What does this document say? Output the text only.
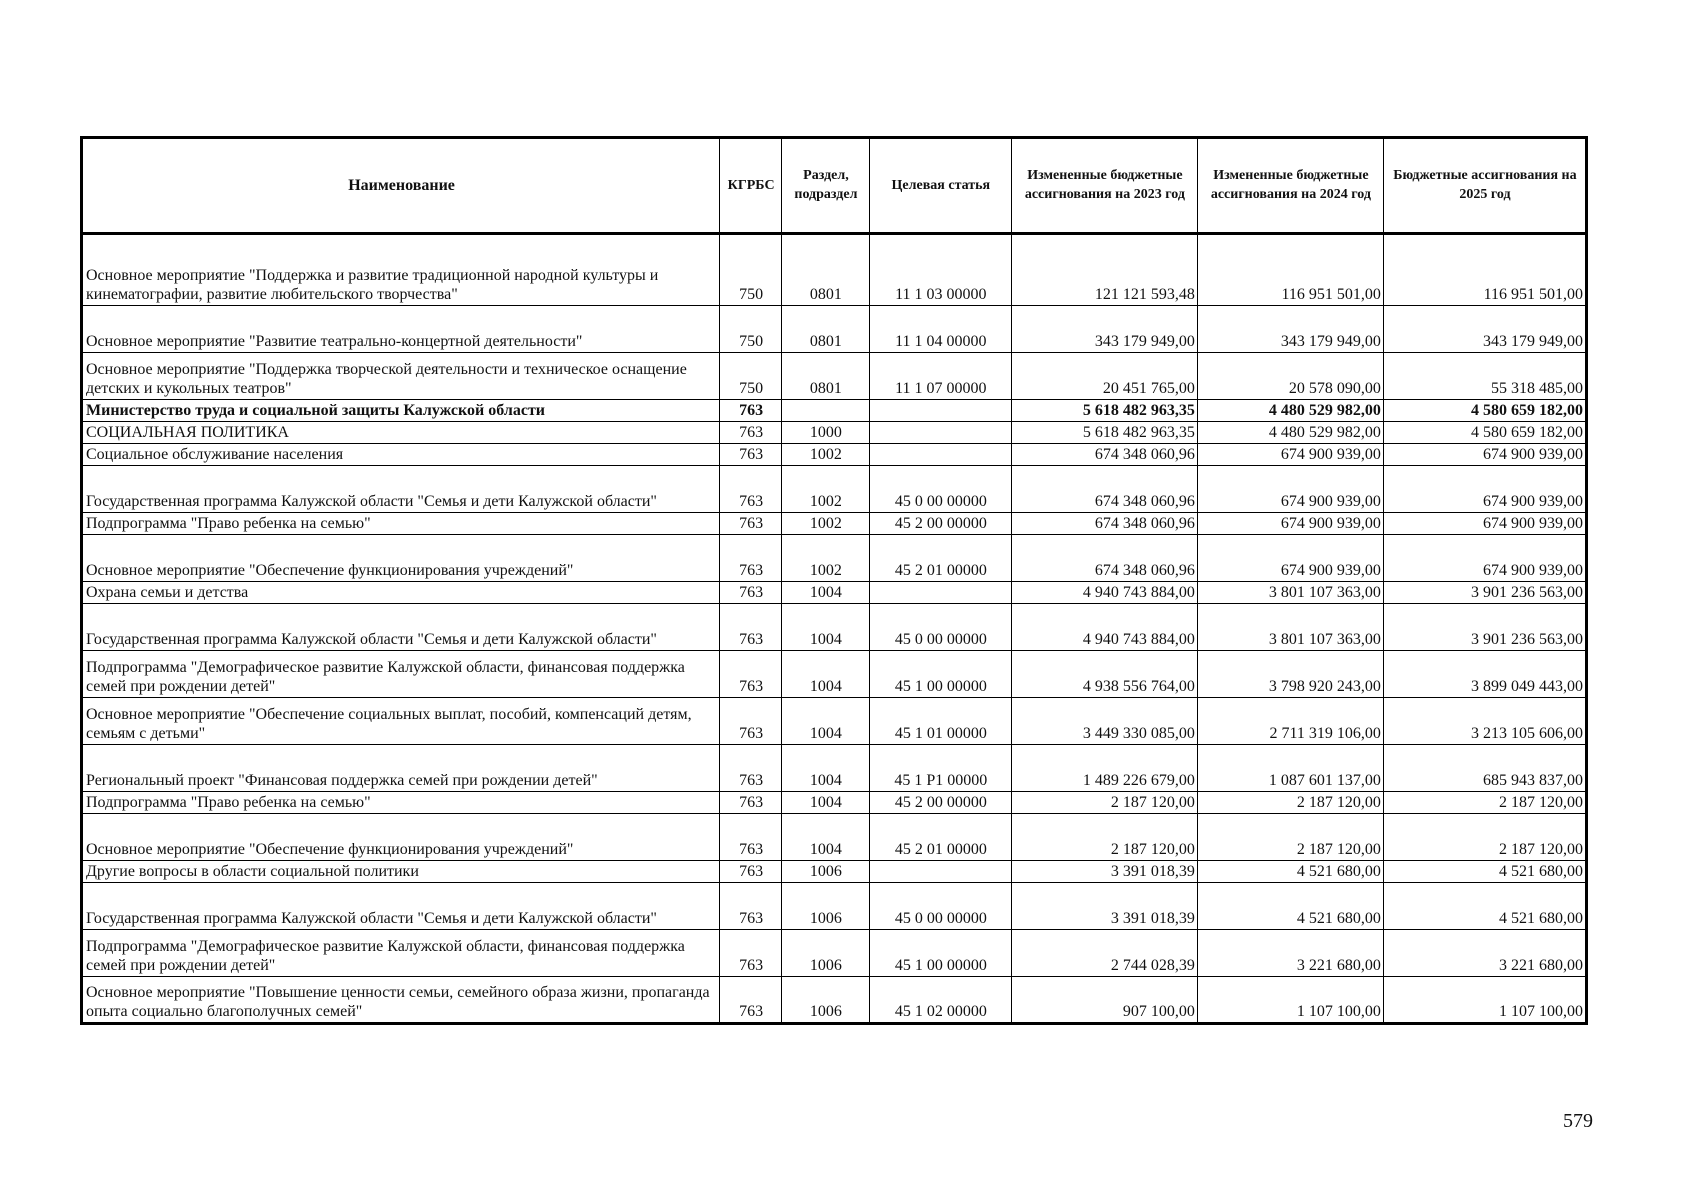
Наименование	КГРБС	Раздел, подраздел	Целевая статья	Измененные бюджетные ассигнования на 2023 год	Измененные бюджетные ассигнования на 2024 год	Бюджетные ассигнования на 2025 год
Основное мероприятие "Поддержка и развитие традиционной народной культуры и кинематографии, развитие любительского творчества"	750	0801	11 1 03 00000	121 121 593,48	116 951 501,00	116 951 501,00
Основное мероприятие "Развитие театрально-концертной деятельности"	750	0801	11 1 04 00000	343 179 949,00	343 179 949,00	343 179 949,00
Основное мероприятие "Поддержка творческой деятельности и техническое оснащение детских и кукольных театров"	750	0801	11 1 07 00000	20 451 765,00	20 578 090,00	55 318 485,00
Министерство труда и социальной защиты Калужской области	763			5 618 482 963,35	4 480 529 982,00	4 580 659 182,00
СОЦИАЛЬНАЯ ПОЛИТИКА	763	1000		5 618 482 963,35	4 480 529 982,00	4 580 659 182,00
Социальное обслуживание населения	763	1002		674 348 060,96	674 900 939,00	674 900 939,00
Государственная программа Калужской области "Семья и дети Калужской области"	763	1002	45 0 00 00000	674 348 060,96	674 900 939,00	674 900 939,00
Подпрограмма "Право ребенка на семью"	763	1002	45 2 00 00000	674 348 060,96	674 900 939,00	674 900 939,00
Основное мероприятие "Обеспечение функционирования учреждений"	763	1002	45 2 01 00000	674 348 060,96	674 900 939,00	674 900 939,00
Охрана семьи и детства	763	1004		4 940 743 884,00	3 801 107 363,00	3 901 236 563,00
Государственная программа Калужской области "Семья и дети Калужской области"	763	1004	45 0 00 00000	4 940 743 884,00	3 801 107 363,00	3 901 236 563,00
Подпрограмма "Демографическое развитие Калужской области, финансовая поддержка семей при рождении детей"	763	1004	45 1 00 00000	4 938 556 764,00	3 798 920 243,00	3 899 049 443,00
Основное мероприятие "Обеспечение социальных выплат, пособий, компенсаций детям, семьям с детьми"	763	1004	45 1 01 00000	3 449 330 085,00	2 711 319 106,00	3 213 105 606,00
Региональный проект "Финансовая поддержка семей при рождении детей"	763	1004	45 1 P1 00000	1 489 226 679,00	1 087 601 137,00	685 943 837,00
Подпрограмма "Право ребенка на семью"	763	1004	45 2 00 00000	2 187 120,00	2 187 120,00	2 187 120,00
Основное мероприятие "Обеспечение функционирования учреждений"	763	1004	45 2 01 00000	2 187 120,00	2 187 120,00	2 187 120,00
Другие вопросы в области социальной политики	763	1006		3 391 018,39	4 521 680,00	4 521 680,00
Государственная программа Калужской области "Семья и дети Калужской области"	763	1006	45 0 00 00000	3 391 018,39	4 521 680,00	4 521 680,00
Подпрограмма "Демографическое развитие Калужской области, финансовая поддержка семей при рождении детей"	763	1006	45 1 00 00000	2 744 028,39	3 221 680,00	3 221 680,00
Основное мероприятие "Повышение ценности семьи, семейного образа жизни, пропаганда опыта социально благополучных семей"	763	1006	45 1 02 00000	907 100,00	1 107 100,00	1 107 100,00
579
